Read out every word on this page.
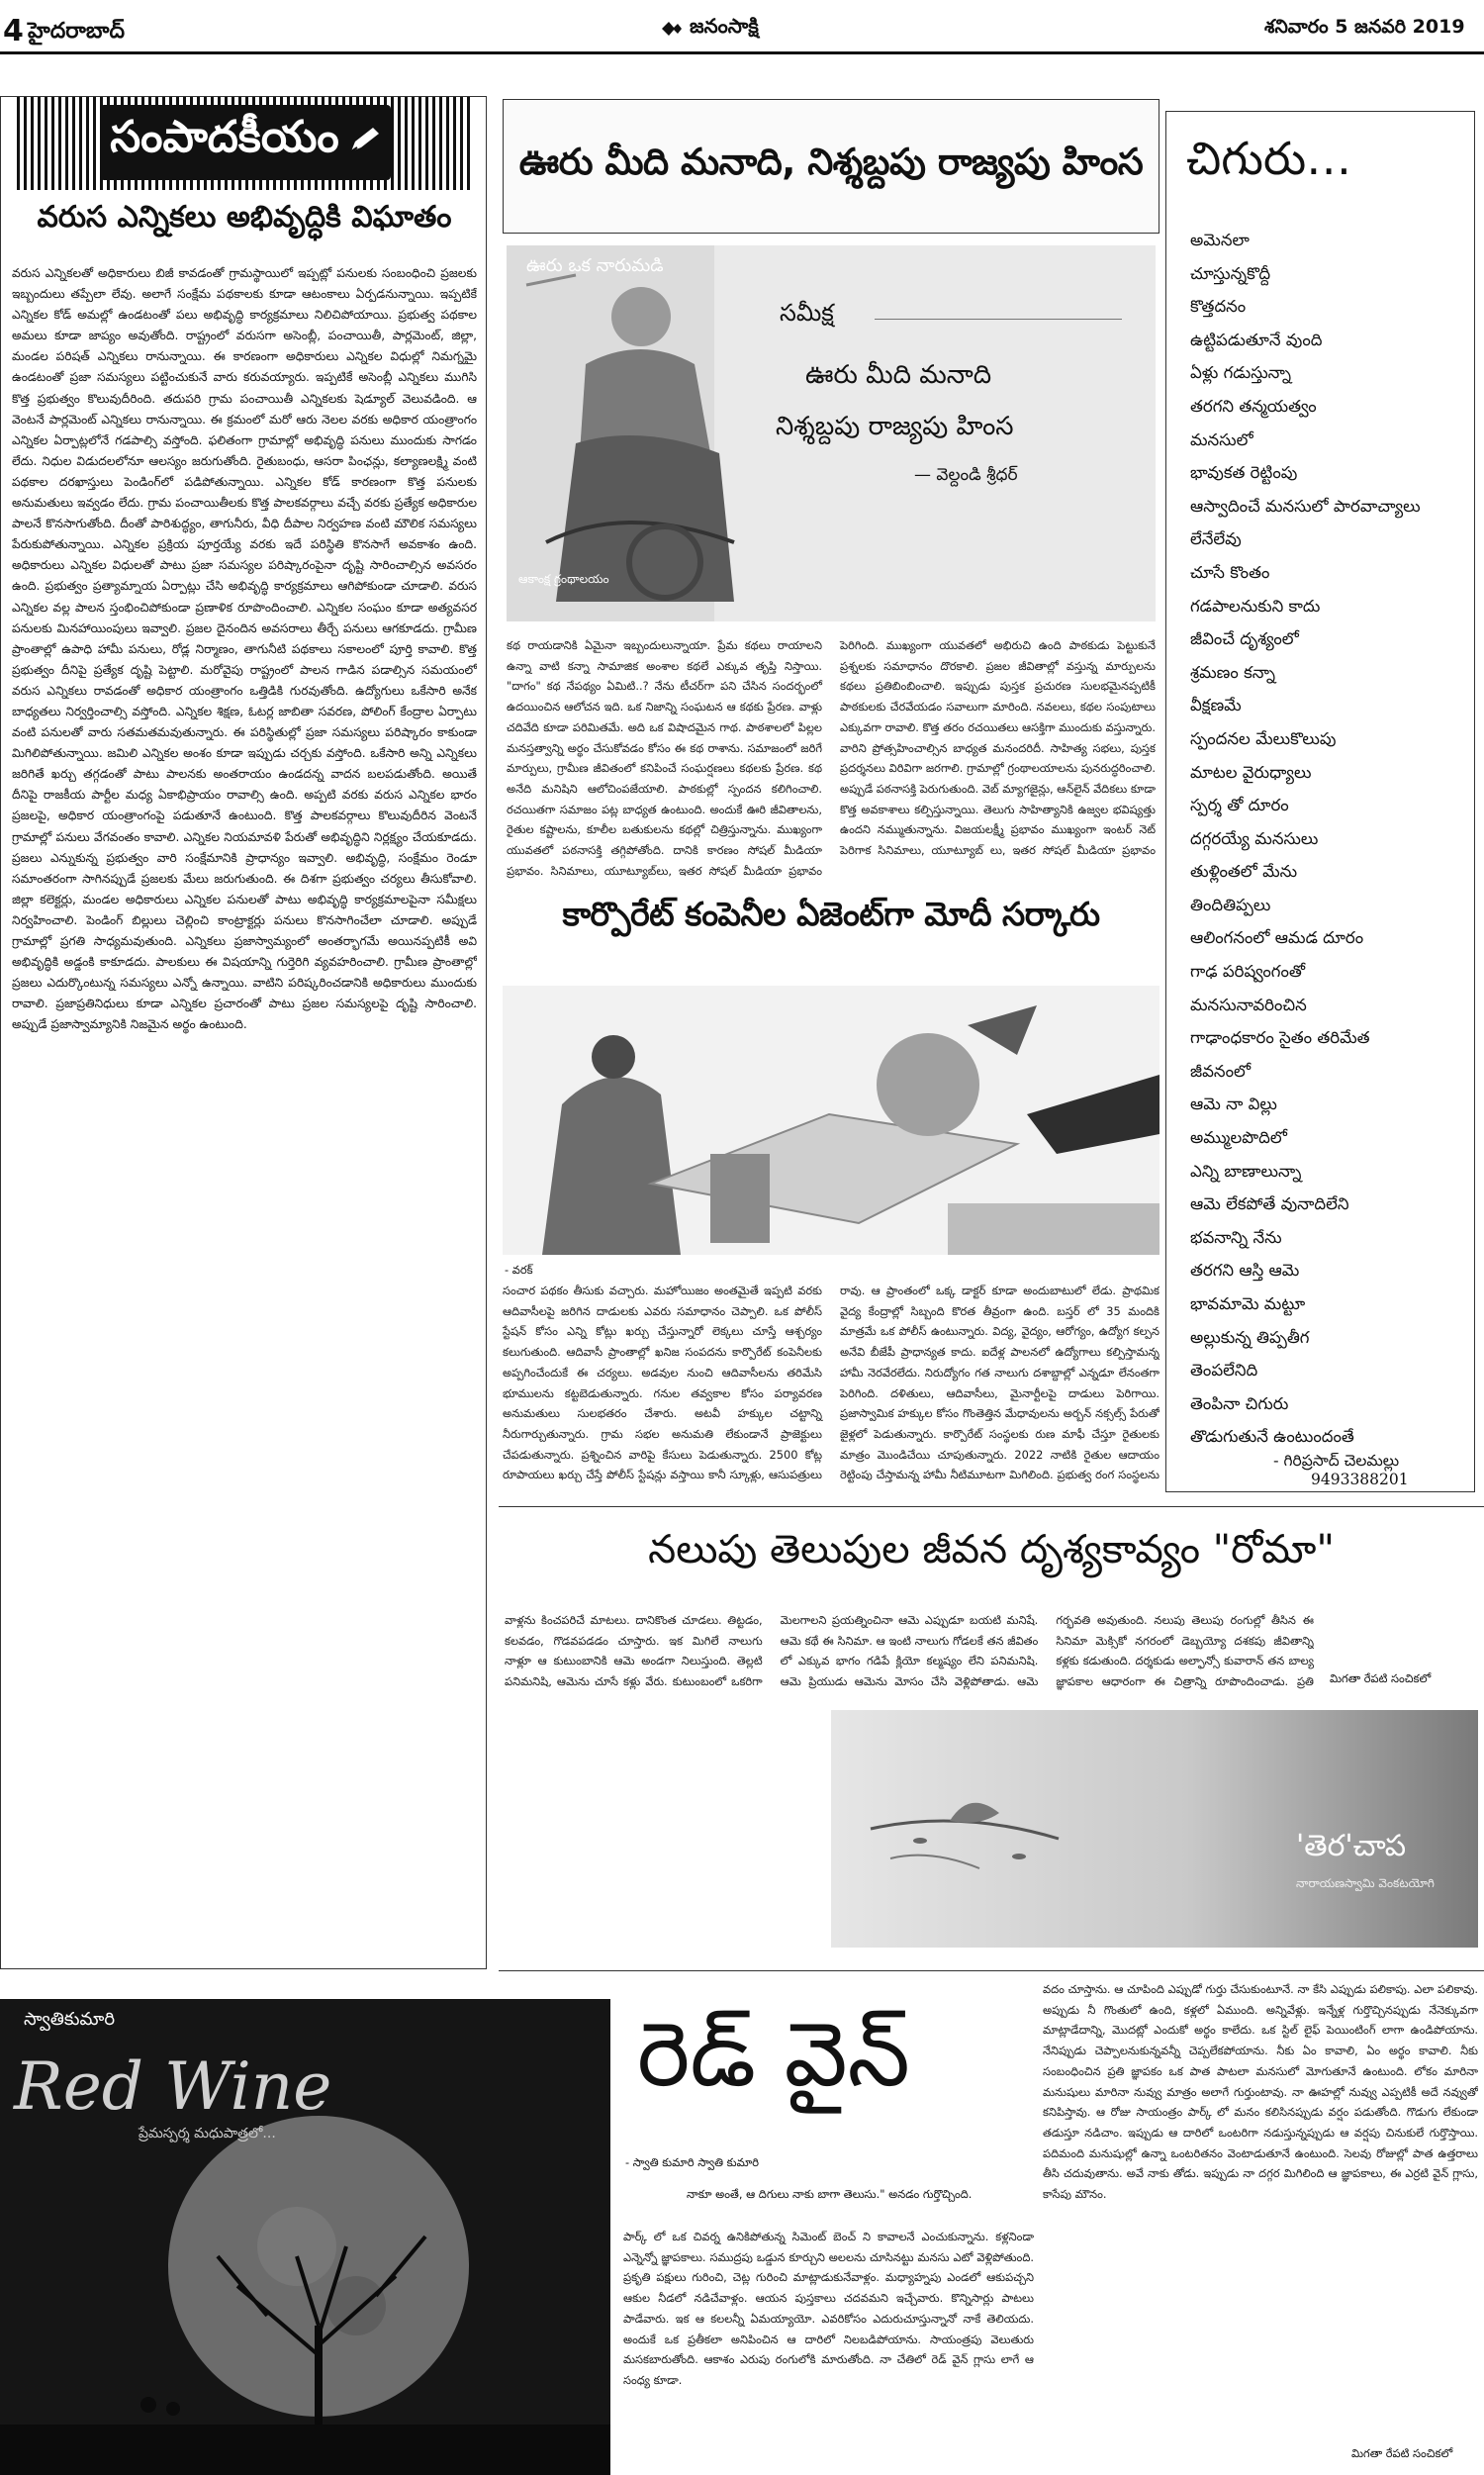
4 హైదరాబాద్	జనంసాక్షి	శనివారం 5 జనవరి 2019
సంపాదకీయం
వరుస ఎన్నికలు అభివృద్ధికి విఘాతం
వరుస ఎన్నికలతో అధికారులు బిజీ కావడంతో గ్రామస్థాయిలో ఇప్పట్లో పనులకు సంబంధించి ప్రజలకు ఇబ్బందులు తప్పేలా లేవు. అలాగే సంక్షేమ పథకాలకు కూడా ఆటంకాలు ఏర్పడనున్నాయి. ఇప్పటికే ఎన్నికల కోడ్‌ అమల్లో ఉండటంతో పలు అభివృద్ధి కార్యక్రమాలు నిలిచిపోయాయి. ప్రభుత్వ పథకాల అమలు కూడా జాప్యం అవుతోంది. రాష్ట్రంలో వరుసగా అసెంబ్లీ, పంచాయితీ, పార్లమెంట్‌, జిల్లా, మండల పరిషత్‌ ఎన్నికలు రానున్నాయి. ఈ కారణంగా అధికారులు ఎన్నికల విధుల్లో నిమగ్నమై ఉండటంతో ప్రజా సమస్యలు పట్టించుకునే వారు కరువయ్యారు. ఇప్పటికే అసెంబ్లీ ఎన్నికలు ముగిసి కొత్త ప్రభుత్వం కొలువుదీరింది. తదుపరి గ్రామ పంచాయితీ ఎన్నికలకు షెడ్యూల్‌ వెలువడింది. ఆ వెంటనే పార్లమెంట్‌ ఎన్నికలు రానున్నాయి. ఈ క్రమంలో మరో ఆరు నెలల వరకు అధికార యంత్రాంగం ఎన్నికల ఏర్పాట్లలోనే గడపాల్సి వస్తోంది. ఫలితంగా గ్రామాల్లో అభివృద్ధి పనులు ముందుకు సాగడం లేదు. నిధుల విడుదలలోనూ ఆలస్యం జరుగుతోంది. రైతుబంధు, ఆసరా పింఛన్లు, కల్యాణలక్ష్మి వంటి పథకాల దరఖాస్తులు పెండింగ్‌లో పడిపోతున్నాయి. ఎన్నికల కోడ్‌ కారణంగా కొత్త పనులకు అనుమతులు ఇవ్వడం లేదు. గ్రామ పంచాయితీలకు కొత్త పాలకవర్గాలు వచ్చే వరకు ప్రత్యేక అధికారుల పాలనే కొనసాగుతోంది. దీంతో పారిశుద్ధ్యం, తాగునీరు, వీధి దీపాల నిర్వహణ వంటి మౌలిక సమస్యలు పేరుకుపోతున్నాయి. ఎన్నికల ప్రక్రియ పూర్తయ్యే వరకు ఇదే పరిస్థితి కొనసాగే అవకాశం ఉంది. అధికారులు ఎన్నికల విధులతో పాటు ప్రజా సమస్యల పరిష్కారంపైనా దృష్టి సారించాల్సిన అవసరం ఉంది. ప్రభుత్వం ప్రత్యామ్నాయ ఏర్పాట్లు చేసి అభివృద్ధి కార్యక్రమాలు ఆగిపోకుండా చూడాలి. వరుస ఎన్నికల వల్ల పాలన స్తంభించిపోకుండా ప్రణాళిక రూపొందించాలి. ఎన్నికల సంఘం కూడా అత్యవసర పనులకు మినహాయింపులు ఇవ్వాలి. ప్రజల దైనందిన అవసరాలు తీర్చే పనులు ఆగకూడదు. గ్రామీణ ప్రాంతాల్లో ఉపాధి హామీ పనులు, రోడ్ల నిర్మాణం, తాగునీటి పథకాలు సకాలంలో పూర్తి కావాలి. కొత్త ప్రభుత్వం దీనిపై ప్రత్యేక దృష్టి పెట్టాలి. మరోవైపు రాష్ట్రంలో పాలన గాడిన పడాల్సిన సమయంలో వరుస ఎన్నికలు రావడంతో అధికార యంత్రాంగం ఒత్తిడికి గురవుతోంది. ఉద్యోగులు ఒకేసారి అనేక బాధ్యతలు నిర్వర్తించాల్సి వస్తోంది. ఎన్నికల శిక్షణ, ఓటర్ల జాబితా సవరణ, పోలింగ్‌ కేంద్రాల ఏర్పాటు వంటి పనులతో వారు సతమతమవుతున్నారు. ఈ పరిస్థితుల్లో ప్రజా సమస్యలు పరిష్కారం కాకుండా మిగిలిపోతున్నాయి. జమిలి ఎన్నికల అంశం కూడా ఇప్పుడు చర్చకు వస్తోంది. ఒకేసారి అన్ని ఎన్నికలు జరిగితే ఖర్చు తగ్గడంతో పాటు పాలనకు అంతరాయం ఉండదన్న వాదన బలపడుతోంది. అయితే దీనిపై రాజకీయ పార్టీల మధ్య ఏకాభిప్రాయం రావాల్సి ఉంది. అప్పటి వరకు వరుస ఎన్నికల భారం ప్రజలపై, అధికార యంత్రాంగంపై పడుతూనే ఉంటుంది. కొత్త పాలకవర్గాలు కొలువుదీరిన వెంటనే గ్రామాల్లో పనులు వేగవంతం కావాలి. ఎన్నికల నియమావళి పేరుతో అభివృద్ధిని నిర్లక్ష్యం చేయకూడదు. ప్రజలు ఎన్నుకున్న ప్రభుత్వం వారి సంక్షేమానికి ప్రాధాన్యం ఇవ్వాలి. అభివృద్ధి, సంక్షేమం రెండూ సమాంతరంగా సాగినప్పుడే ప్రజలకు మేలు జరుగుతుంది. ఈ దిశగా ప్రభుత్వం చర్యలు తీసుకోవాలి. జిల్లా కలెక్టర్లు, మండల అధికారులు ఎన్నికల పనులతో పాటు అభివృద్ధి కార్యక్రమాలపైనా సమీక్షలు నిర్వహించాలి. పెండింగ్‌ బిల్లులు చెల్లించి కాంట్రాక్టర్లు పనులు కొనసాగించేలా చూడాలి. అప్పుడే గ్రామాల్లో ప్రగతి సాధ్యమవుతుంది. ఎన్నికలు ప్రజాస్వామ్యంలో అంతర్భాగమే అయినప్పటికీ అవి అభివృద్ధికి అడ్డంకి కాకూడదు. పాలకులు ఈ విషయాన్ని గుర్తెరిగి వ్యవహరించాలి. గ్రామీణ ప్రాంతాల్లో ప్రజలు ఎదుర్కొంటున్న సమస్యలు ఎన్నో ఉన్నాయి. వాటిని పరిష్కరించడానికి అధికారులు ముందుకు రావాలి. ప్రజాప్రతినిధులు కూడా ఎన్నికల ప్రచారంతో పాటు ప్రజల సమస్యలపై దృష్టి సారించాలి. అప్పుడే ప్రజాస్వామ్యానికి నిజమైన అర్థం ఉంటుంది.
ఊరు మీది మనాది, నిశ్శబ్దపు రాజ్యపు హింస
ఊరు ఒక నారుమడి
ఆకాంక్ష గ్రంథాలయం
సమీక్ష
ఊరు మీది మనాది
నిశ్శబ్దపు రాజ్యపు హింస
— వెల్దండి శ్రీధర్‌
కథ రాయడానికి ఏమైనా ఇబ్బందులున్నాయా. ప్రేమ కథలు రాయాలని ఉన్నా వాటి కన్నా సామాజిక అంశాల కథలే ఎక్కువ తృప్తి నిస్తాయి. "దాగం" కథ నేపథ్యం ఏమిటి..? నేను టీచర్‌గా పని చేసిన సందర్భంలో ఉదయించిన ఆలోచన ఇది. ఒక నిజాన్ని సంఘటన ఆ కథకు ప్రేరణ. వాళ్లు చదివేది కూడా పరిమితమే. అది ఒక విషాదమైన గాథ. పాఠశాలలో పిల్లల మనస్తత్వాన్ని అర్థం చేసుకోవడం కోసం ఈ కథ రాశాను. సమాజంలో జరిగే మార్పులు, గ్రామీణ జీవితంలో కనిపించే సంఘర్షణలు కథలకు ప్రేరణ. కథ అనేది మనిషిని ఆలోచింపజేయాలి. పాఠకుల్లో స్పందన కలిగించాలి. రచయితగా సమాజం పట్ల బాధ్యత ఉంటుంది. అందుకే ఊరి జీవితాలను, రైతుల కష్టాలను, కూలీల బతుకులను కథల్లో చిత్రిస్తున్నాను. ముఖ్యంగా యువతలో పఠనాసక్తి తగ్గిపోతోంది. దానికి కారణం సోషల్‌ మీడియా ప్రభావం. సినిమాలు, యూట్యూబ్‌లు, ఇతర సోషల్‌ మీడియా ప్రభావం పెరిగింది. ముఖ్యంగా యువతలో అభిరుచి ఉంది పాఠకుడు పెట్టుకునే ప్రశ్నలకు సమాధానం దొరకాలి. ప్రజల జీవితాల్లో వస్తున్న మార్పులను కథలు ప్రతిబింబించాలి. ఇప్పుడు పుస్తక ప్రచురణ సులభమైనప్పటికీ పాఠకులకు చేరవేయడం సవాలుగా మారింది. నవలలు, కథల సంపుటాలు ఎక్కువగా రావాలి. కొత్త తరం రచయితలు ఆసక్తిగా ముందుకు వస్తున్నారు. వారిని ప్రోత్సహించాల్సిన బాధ్యత మనందరిదీ. సాహిత్య సభలు, పుస్తక ప్రదర్శనలు విరివిగా జరగాలి. గ్రామాల్లో గ్రంథాలయాలను పునరుద్ధరించాలి. అప్పుడే పఠనాసక్తి పెరుగుతుంది. వెబ్‌ మ్యాగజైన్లు, ఆన్‌లైన్‌ వేదికలు కూడా కొత్త అవకాశాలు కల్పిస్తున్నాయి. తెలుగు సాహిత్యానికి ఉజ్వల భవిష్యత్తు ఉందని నమ్ముతున్నాను. విజయలక్ష్మీ ప్రభావం ముఖ్యంగా ఇంటర్‌ నెట్‌ పెరిగాక సినిమాలు, యూట్యూబ్‌ లు, ఇతర సోషల్‌ మీడియా ప్రభావం
కార్పొరేట్‌ కంపెనీల ఏజెంట్‌గా మోదీ సర్కారు
- వరక్‌
సంచార పథకం తీసుకు వచ్చారు. మహోయిజం అంతమైతే ఇప్పటి వరకు ఆదివాసీలపై జరిగిన దాడులకు ఎవరు సమాధానం చెప్పాలి. ఒక పోలీస్‌ స్టేషన్‌ కోసం ఎన్ని కోట్లు ఖర్చు చేస్తున్నారో లెక్కలు చూస్తే ఆశ్చర్యం కలుగుతుంది. ఆదివాసీ ప్రాంతాల్లో ఖనిజ సంపదను కార్పొరేట్‌ కంపెనీలకు అప్పగించేందుకే ఈ చర్యలు. అడవుల నుంచి ఆదివాసీలను తరిమేసి భూములను కట్టబెడుతున్నారు. గనుల తవ్వకాల కోసం పర్యావరణ అనుమతులు సులభతరం చేశారు. అటవీ హక్కుల చట్టాన్ని నీరుగార్చుతున్నారు. గ్రామ సభల అనుమతి లేకుండానే ప్రాజెక్టులు చేపడుతున్నారు. ప్రశ్నించిన వారిపై కేసులు పెడుతున్నారు. 2500 కోట్ల రూపాయలు ఖర్చు చేస్తే పోలీస్‌ స్టేషన్లు వస్తాయి కానీ స్కూళ్లు, ఆసుపత్రులు రావు. ఆ ప్రాంతంలో ఒక్క డాక్టర్‌ కూడా అందుబాటులో లేడు. ప్రాథమిక వైద్య కేంద్రాల్లో సిబ్బంది కొరత తీవ్రంగా ఉంది. బస్తర్‌ లో 35 మందికి మాత్రమే ఒక పోలీస్‌ ఉంటున్నారు. విద్య, వైద్యం, ఆరోగ్యం, ఉద్యోగ కల్పన అనేవి బీజేపీ ప్రాధాన్యత కాదు. ఐదేళ్ల పాలనలో ఉద్యోగాలు కల్పిస్తామన్న హామీ నెరవేరలేదు. నిరుద్యోగం గత నాలుగు దశాబ్దాల్లో ఎన్నడూ లేనంతగా పెరిగింది. దళితులు, ఆదివాసీలు, మైనార్టీలపై దాడులు పెరిగాయి. ప్రజాస్వామిక హక్కుల కోసం గొంతెత్తిన మేధావులను అర్బన్‌ నక్సల్స్‌ పేరుతో జైళ్లలో పెడుతున్నారు. కార్పొరేట్‌ సంస్థలకు రుణ మాఫీ చేస్తూ రైతులకు మాత్రం మొండిచేయి చూపుతున్నారు. 2022 నాటికి రైతుల ఆదాయం రెట్టింపు చేస్తామన్న హామీ నీటిమూటగా మిగిలింది. ప్రభుత్వ రంగ సంస్థలను
చిగురు…
అమెనలా
చూస్తున్నకొద్దీ
కొత్తదనం
ఉట్టిపడుతూనే వుంది
ఏళ్లు గడుస్తున్నా
తరగని తన్మయత్వం
మనసులో
భావుకత రెట్టింపు
ఆస్వాదించే మనసులో పారవాచ్యాలు
లేనేలేవు
చూసే కొంతం
గడపాలనుకుని కాదు
జీవించే దృశ్యంలో
శ్రమణం కన్నా
వీక్షణమే
స్పందనల మేలుకొలుపు
మాటల వైరుధ్యాలు
స్పర్శ తో దూరం
దగ్గరయ్యే మనసులు
తుళ్లింతలో మేను
తిందితిప్పలు
ఆలింగనంలో ఆమడ దూరం
గాఢ పరిష్వంగంతో
మనసునావరించిన
గాఢాంధకారం సైతం తరిమేత
జీవనంలో
ఆమె నా విల్లు
అమ్ములపొదిలో
ఎన్ని బాణాలున్నా
ఆమె లేకపోతే వునాదిలేని
భవనాన్ని నేను
తరగని ఆస్తి ఆమె
భావమామె మట్టూ
అల్లుకున్న తిప్పతీగ
తెంపలేనిది
తెంపినా చిగురు
తొడుగుతునే ఉంటుందంతే
- గిరిప్రసాద్‌ చెలమల్లు
9493388201
నలుపు తెలుపుల జీవన దృశ్యకావ్యం "రోమా"
వాళ్లను కించపరిచే మాటలు. దానికొంత చూడలు. తిట్టడం, కలవడం, గొడవపడడం చూస్తారు. ఇక మిగిలే నాలుగు నాళ్లూ ఆ కుటుంబానికి ఆమె అండగా నిలుస్తుంది. తెల్లటి పనిమనిషి, ఆమెను చూసే కళ్లు వేరు. కుటుంబంలో ఒకరిగా మెలగాలని ప్రయత్నించినా ఆమె ఎప్పుడూ బయటి మనిషే. ఆమె కథే ఈ సినిమా. ఆ ఇంటి నాలుగు గోడలకే తన జీవితం లో ఎక్కువ భాగం గడిపే క్లియో కల్మష్యం లేని పనిమనిషి. ఆమె ప్రియుడు ఆమెను మోసం చేసి వెళ్లిపోతాడు. ఆమె గర్భవతి అవుతుంది. నలుపు తెలుపు రంగుల్లో తీసిన ఈ సినిమా మెక్సికో నగరంలో డెబ్బయ్యో దశకపు జీవితాన్ని కళ్లకు కడుతుంది. దర్శకుడు అల్ఫాన్సో కువారాన్‌ తన బాల్య జ్ఞాపకాల ఆధారంగా ఈ చిత్రాన్ని రూపొందించాడు. ప్రతి
'తెర'చాప
నారాయణస్వామి వెంకటయోగి
మిగతా రేపటి సంచికలో
స్వాతికుమారి
Red Wine
ప్రేమస్పర్శ మధుపాత్రలో...
రెడ్‌ వైన్‌
- స్వాతి కుమారి స్వాతి కుమారి
నాకూ అంతే, ఆ దిగులు నాకు బాగా తెలుసు." అనడం గుర్తొచ్చింది.
పార్క్‌ లో ఒక చివర్న ఉనికిపోతున్న సిమెంట్‌ బెంచ్‌ ని కావాలనే ఎంచుకున్నాను. కళ్లనిండా ఎన్నెన్నో జ్ఞాపకాలు. సముద్రపు ఒడ్డున కూర్చుని అలలను చూసినట్టు మనసు ఎటో వెళ్లిపోతుంది. ప్రకృతి పక్షులు గురించి, చెట్ల గురించి మాట్లాడుకునేవాళ్లం. మధ్యాహ్నపు ఎండలో ఆకుపచ్చని ఆకుల నీడలో నడిచేవాళ్లం. ఆయన పుస్తకాలు చదవమని ఇచ్చేవారు. కొన్నిసార్లు పాటలు పాడేవారు. ఇక ఆ కలలన్నీ ఏమయ్యాయో. ఎవరికోసం ఎదురుచూస్తున్నానో నాకే తెలియదు. అందుకే ఒక ప్రతీకలా అనిపించిన ఆ దారిలో నిలబడిపోయాను. సాయంత్రపు వెలుతురు మసకబారుతోంది. ఆకాశం ఎరుపు రంగులోకి మారుతోంది. నా చేతిలో రెడ్‌ వైన్‌ గ్లాసు లాగే ఆ సంధ్య కూడా.
వదం చూస్తాను. ఆ చూపింది ఎప్పుడో గుర్తు చేసుకుంటూనే. నా కేసి ఎప్పుడు పలికాపు. ఎలా పలికావు. అప్పుడు నీ గొంతులో ఉంది, కళ్లలో ఏముంది. అన్నివేళ్లు. ఇన్నేళ్ల గుర్తొచ్చినప్పుడు నేనెక్కువగా మాట్లాడేదాన్ని, మొదట్లో ఎందుకో అర్థం కాలేదు. ఒక స్టిల్‌ లైఫ్‌ పెయింటింగ్‌ లాగా ఉండిపోయాను. నేనిప్పుడు చెప్పాలనుకున్నవన్నీ చెప్పలేకపోయాను. నీకు ఏం కావాలి, ఏం అర్థం కావాలి. నీకు సంబంధించిన ప్రతి జ్ఞాపకం ఒక పాత పాటలా మనసులో మోగుతూనే ఉంటుంది. లోకం మారినా మనుషులు మారినా నువ్వు మాత్రం అలాగే గుర్తుంటావు. నా ఊహల్లో నువ్వు ఎప్పటికీ అదే నవ్వుతో కనిపిస్తావు. ఆ రోజు సాయంత్రం పార్క్‌ లో మనం కలిసినప్పుడు వర్షం పడుతోంది. గొడుగు లేకుండా తడుస్తూ నడిచాం. ఇప్పుడు ఆ దారిలో ఒంటరిగా నడుస్తున్నప్పుడు ఆ వర్షపు చినుకులే గుర్తొస్తాయి. పదిమంది మనుషుల్లో ఉన్నా ఒంటరితనం వెంటాడుతూనే ఉంటుంది. సెలవు రోజుల్లో పాత ఉత్తరాలు తీసి చదువుతాను. అవే నాకు తోడు. ఇప్పుడు నా దగ్గర మిగిలింది ఆ జ్ఞాపకాలు, ఈ ఎర్రటి వైన్‌ గ్లాసు, కాసేపు మౌనం.
మిగతా రేపటి సంచికలో
